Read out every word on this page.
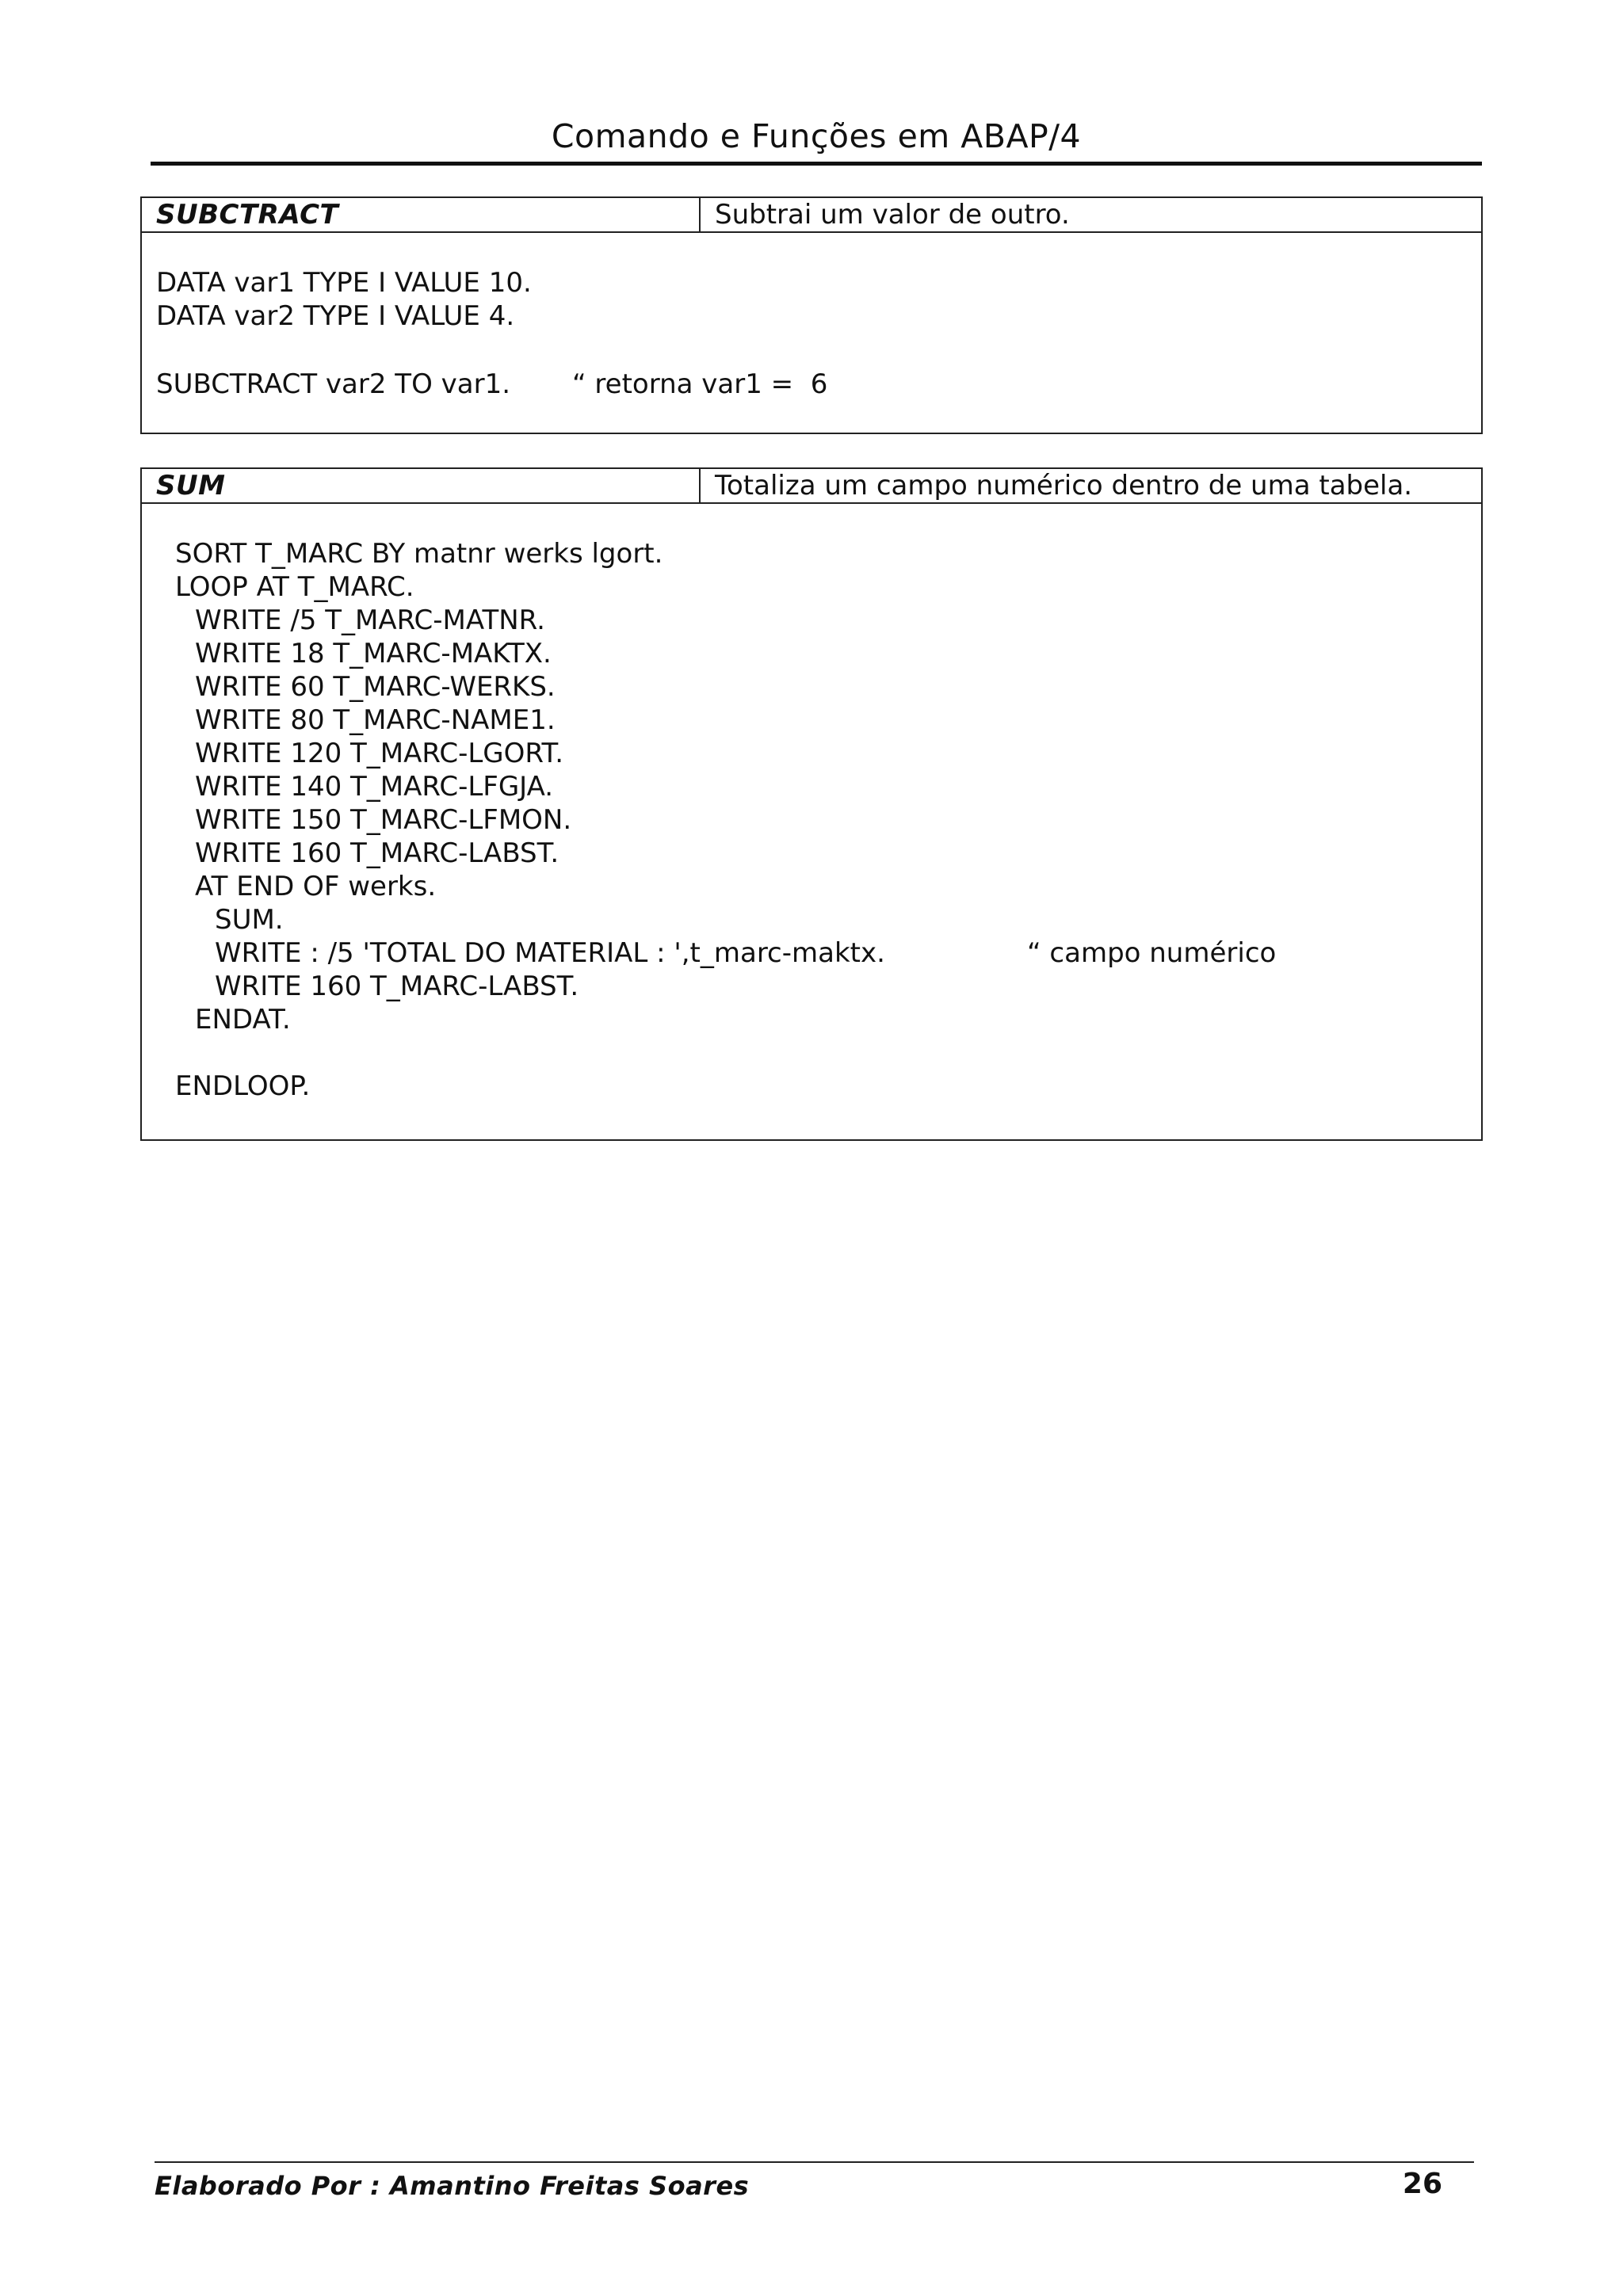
Comando e Funções em ABAP/4
SUBCTRACT	Subtrai um valor de outro.
DATA var1 TYPE I VALUE 10.
DATA var2 TYPE I VALUE 4.
SUBCTRACT var2 TO var1. “ retorna var1 =  6
SUM	Totaliza um campo numérico dentro de uma tabela.
SORT T_MARC BY matnr werks lgort.
LOOP AT T_MARC.
WRITE /5 T_MARC-MATNR.
WRITE 18 T_MARC-MAKTX.
WRITE 60 T_MARC-WERKS.
WRITE 80 T_MARC-NAME1.
WRITE 120 T_MARC-LGORT.
WRITE 140 T_MARC-LFGJA.
WRITE 150 T_MARC-LFMON.
WRITE 160 T_MARC-LABST.
AT END OF werks.
SUM.
WRITE : /5 'TOTAL DO MATERIAL : ',t_marc-maktx.	“ campo numérico
WRITE 160 T_MARC-LABST.
ENDAT.
ENDLOOP.
Elaborado Por : Amantino Freitas Soares	26
